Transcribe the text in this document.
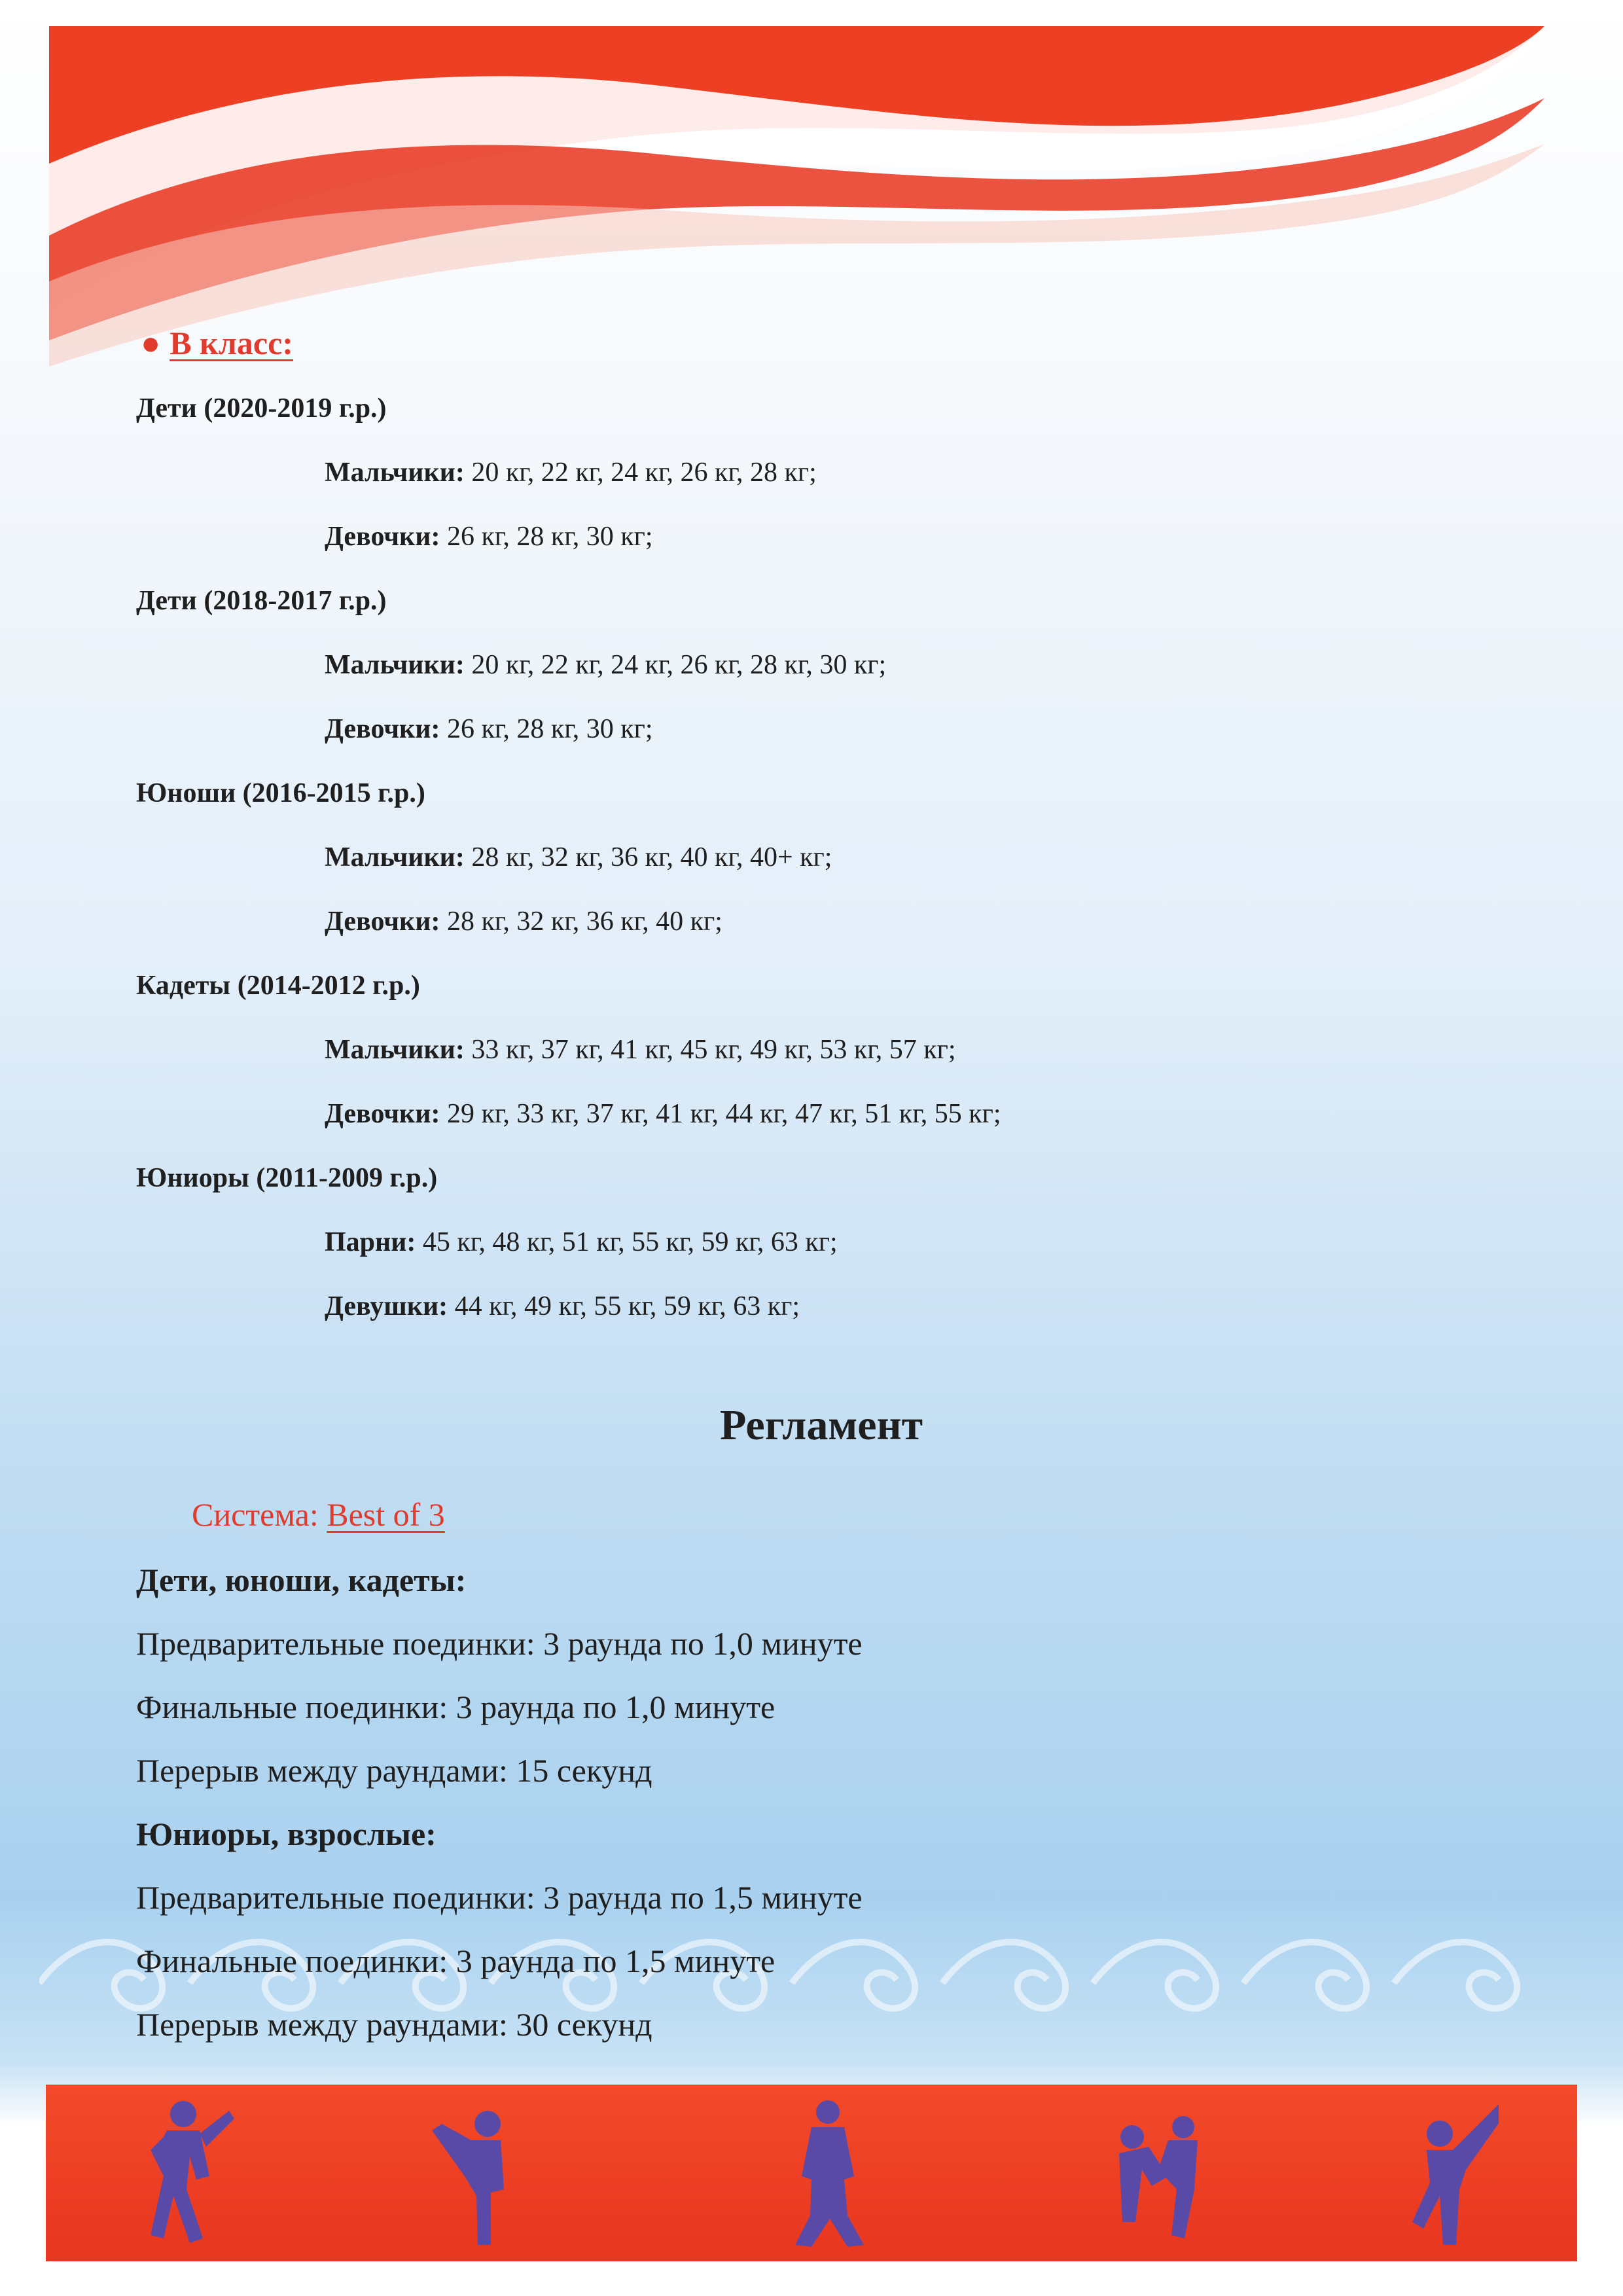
● В класс:
Дети (2020-2019 г.р.)
Мальчики: 20 кг, 22 кг, 24 кг, 26 кг, 28 кг;
Девочки: 26 кг, 28 кг, 30 кг;
Дети (2018-2017 г.р.)
Мальчики: 20 кг, 22 кг, 24 кг, 26 кг, 28 кг, 30 кг;
Девочки: 26 кг, 28 кг, 30 кг;
Юноши (2016-2015 г.р.)
Мальчики: 28 кг, 32 кг, 36 кг, 40 кг, 40+ кг;
Девочки: 28 кг, 32 кг, 36 кг, 40 кг;
Кадеты (2014-2012 г.р.)
Мальчики: 33 кг, 37 кг, 41 кг, 45 кг, 49 кг, 53 кг, 57 кг;
Девочки: 29 кг, 33 кг, 37 кг, 41 кг, 44 кг, 47 кг, 51 кг, 55 кг;
Юниоры (2011-2009 г.р.)
Парни: 45 кг, 48 кг, 51 кг, 55 кг, 59 кг, 63 кг;
Девушки: 44 кг, 49 кг, 55 кг, 59 кг, 63 кг;
Регламент
Система: Best of 3
Дети, юноши, кадеты:
Предварительные поединки: 3 раунда по 1,0 минуте
Финальные поединки: 3 раунда по 1,0 минуте
Перерыв между раундами: 15 секунд
Юниоры, взрослые:
Предварительные поединки: 3 раунда по 1,5 минуте
Финальные поединки: 3 раунда по 1,5 минуте
Перерыв между раундами: 30 секунд
